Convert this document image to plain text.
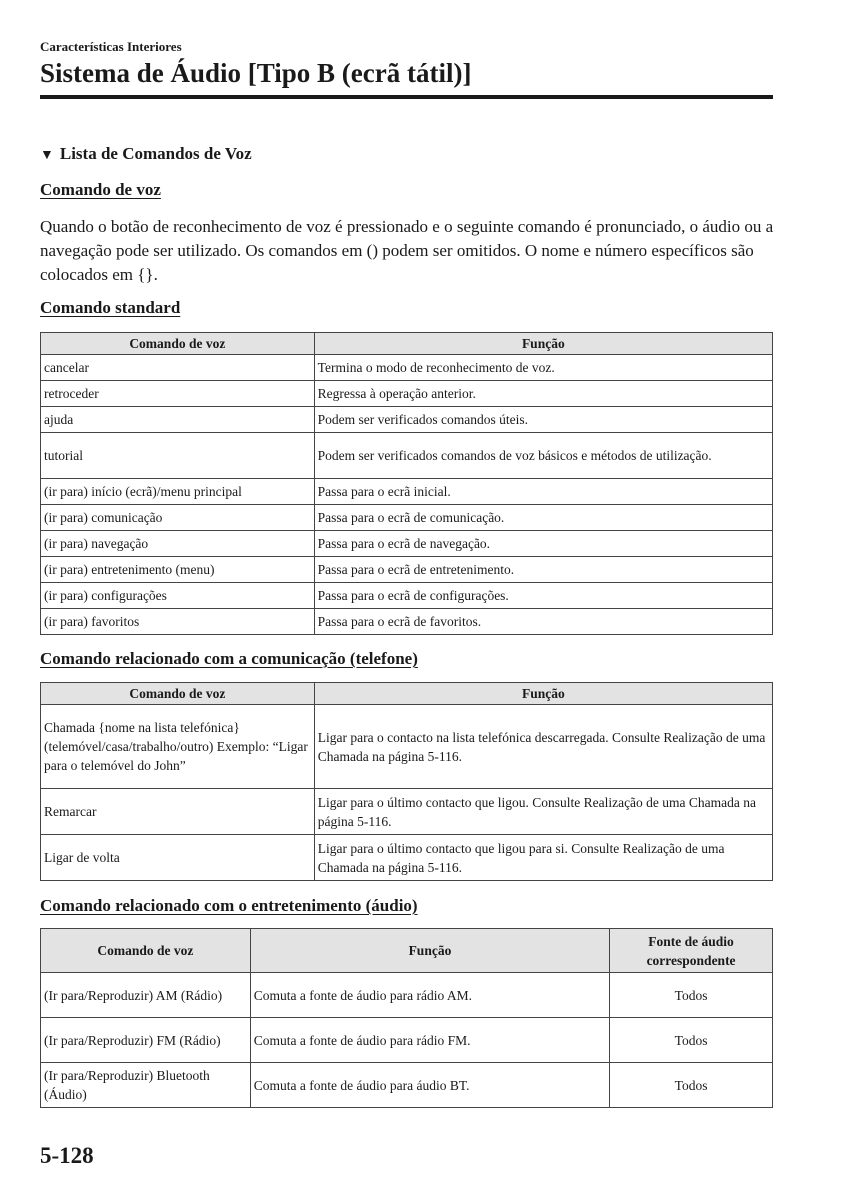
Características Interiores
Sistema de Áudio [Tipo B (ecrã tátil)]
▼ Lista de Comandos de Voz
Comando de voz

Quando o botão de reconhecimento de voz é pressionado e o seguinte comando é pronunciado, o áudio ou a navegação pode ser utilizado. Os comandos em () podem ser omitidos. O nome e número específicos são colocados em {}.

Comando standard
Comando de voz	Função
cancelar	Termina o modo de reconhecimento de voz.
retroceder	Regressa à operação anterior.
ajuda	Podem ser verificados comandos úteis.
tutorial	Podem ser verificados comandos de voz básicos e métodos de utilização.
(ir para) início (ecrã)/menu principal	Passa para o ecrã inicial.
(ir para) comunicação	Passa para o ecrã de comunicação.
(ir para) navegação	Passa para o ecrã de navegação.
(ir para) entretenimento (menu)	Passa para o ecrã de entretenimento.
(ir para) configurações	Passa para o ecrã de configurações.
(ir para) favoritos	Passa para o ecrã de favoritos.
Comando relacionado com a comunicação (telefone)
Comando de voz	Função
Chamada {nome na lista telefónica} (telemóvel/casa/trabalho/outro) Exemplo: “Ligar para o telemóvel do John”	Ligar para o contacto na lista telefónica descarregada. Consulte Realização de uma Chamada na página 5-116.
Remarcar	Ligar para o último contacto que ligou. Consulte Realização de uma Chamada na página 5-116.
Ligar de volta	Ligar para o último contacto que ligou para si. Consulte Realização de uma Chamada na página 5-116.
Comando relacionado com o entretenimento (áudio)
Comando de voz	Função	Fonte de áudio correspondente
(Ir para/Reproduzir) AM (Rádio)	Comuta a fonte de áudio para rádio AM.	Todos
(Ir para/Reproduzir) FM (Rádio)	Comuta a fonte de áudio para rádio FM.	Todos
(Ir para/Reproduzir) Bluetooth (Áudio)	Comuta a fonte de áudio para áudio BT.	Todos
5-128
